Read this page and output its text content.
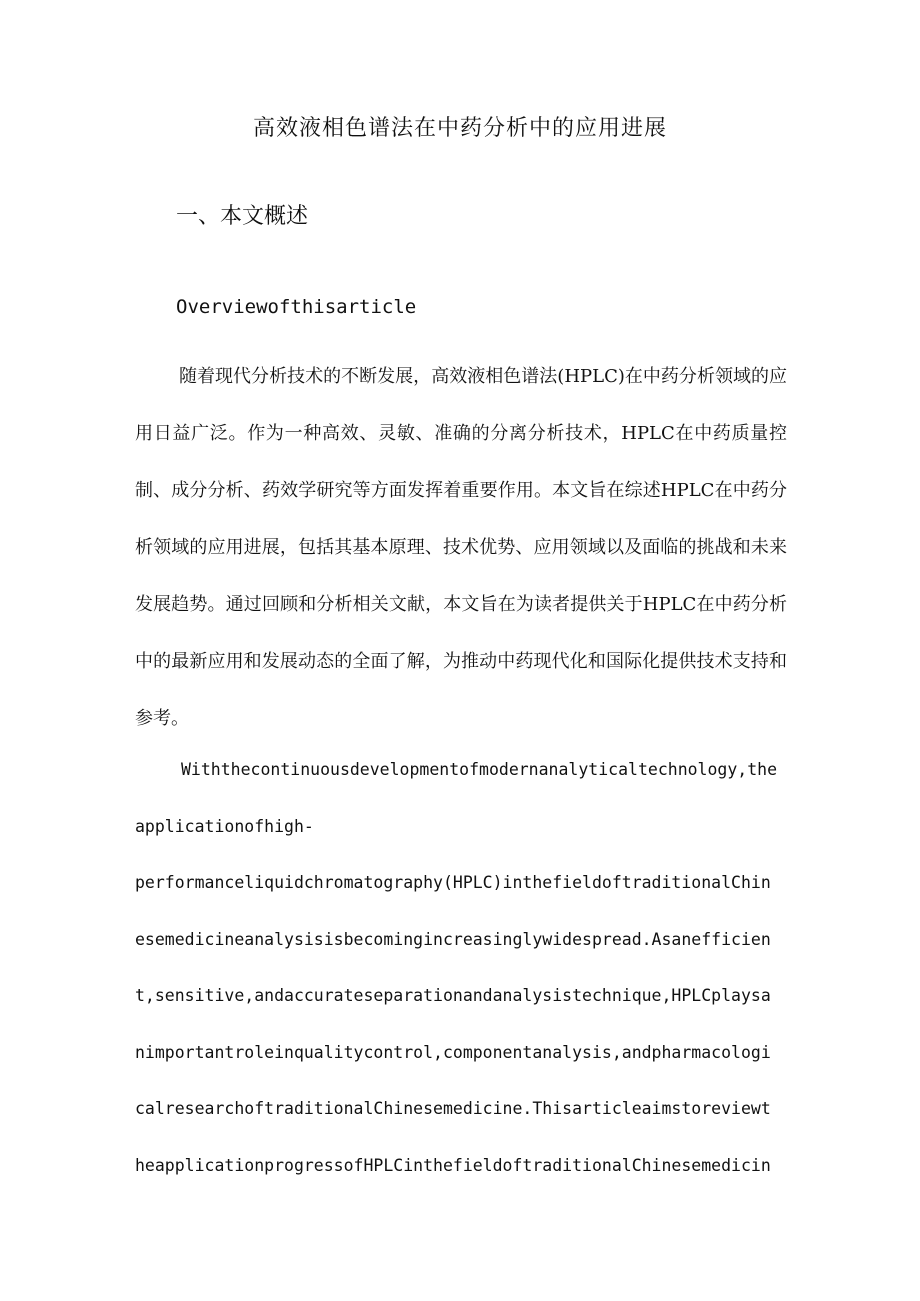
高效液相色谱法在中药分析中的应用进展
一、本文概述
Overviewofthisarticle

随着现代分析技术的不断发展，高效液相色谱法(HPLC)在中药分析领域的应用日益广泛。作为一种高效、灵敏、准确的分离分析技术，HPLC在中药质量控制、成分分析、药效学研究等方面发挥着重要作用。本文旨在综述HPLC在中药分析领域的应用进展，包括其基本原理、技术优势、应用领域以及面临的挑战和未来发展趋势。通过回顾和分析相关文献，本文旨在为读者提供关于HPLC在中药分析中的最新应用和发展动态的全面了解，为推动中药现代化和国际化提供技术支持和参考。

Withthecontinuousdevelopmentofmodernanalyticaltechnology,the
applicationofhigh-
performanceliquidchromatography(HPLC)inthefieldoftraditionalChin
esemedicineanalysisisbecomingincreasinglywidespread.Asanefficien
t,sensitive,andaccurateseparationandanalysistechnique,HPLCplaysa
nimportantroleinqualitycontrol,componentanalysis,andpharmacologi
calresearchoftraditionalChinesemedicine.Thisarticleaimstoreviewt
heapplicationprogressofHPLCinthefieldoftraditionalChinesemedicin
